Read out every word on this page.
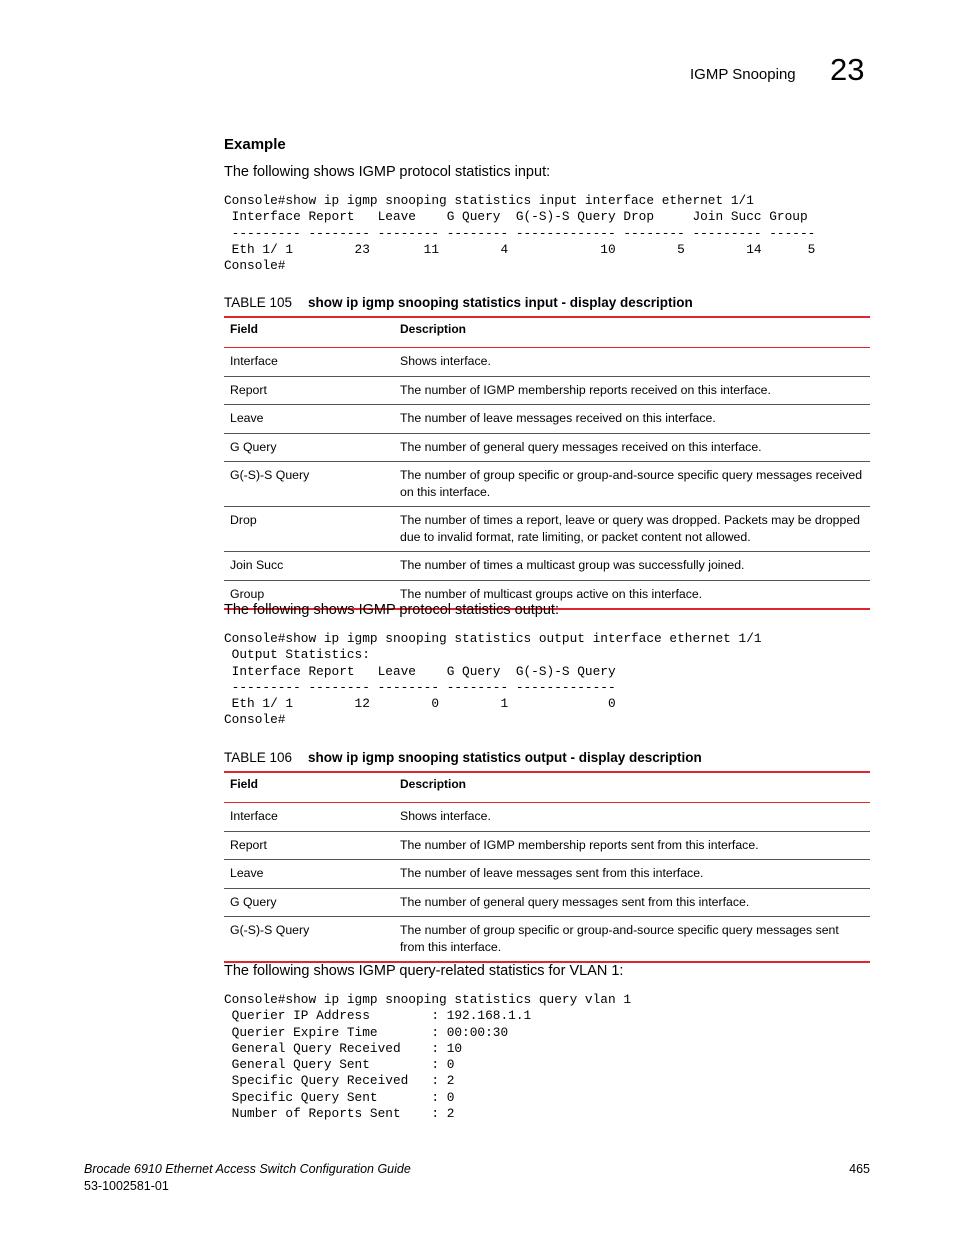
IGMP Snooping 23
Example
The following shows IGMP protocol statistics input:
Console#show ip igmp snooping statistics input interface ethernet 1/1
Interface Report   Leave    G Query  G(-S)-S Query Drop     Join Succ Group
--------- -------- -------- -------- ------------- -------- --------- ------
Eth 1/ 1        23       11        4            10        5        14      5
Console#
TABLE 105 show ip igmp snooping statistics input - display description
Field	Description
Interface	Shows interface.
Report	The number of IGMP membership reports received on this interface.
Leave	The number of leave messages received on this interface.
G Query	The number of general query messages received on this interface.
G(-S)-S Query	The number of group specific or group-and-source specific query messages received on this interface.
Drop	The number of times a report, leave or query was dropped. Packets may be dropped due to invalid format, rate limiting, or packet content not allowed.
Join Succ	The number of times a multicast group was successfully joined.
Group	The number of multicast groups active on this interface.
The following shows IGMP protocol statistics output:
Console#show ip igmp snooping statistics output interface ethernet 1/1
Output Statistics:
Interface Report   Leave    G Query  G(-S)-S Query
--------- -------- -------- -------- -------------
Eth 1/ 1        12        0        1             0
Console#
TABLE 106 show ip igmp snooping statistics output - display description
Field	Description
Interface	Shows interface.
Report	The number of IGMP membership reports sent from this interface.
Leave	The number of leave messages sent from this interface.
G Query	The number of general query messages sent from this interface.
G(-S)-S Query	The number of group specific or group-and-source specific query messages sent from this interface.
The following shows IGMP query-related statistics for VLAN 1:
Console#show ip igmp snooping statistics query vlan 1
Querier IP Address        : 192.168.1.1
Querier Expire Time       : 00:00:30
General Query Received    : 10
General Query Sent        : 0
Specific Query Received   : 2
Specific Query Sent       : 0
Number of Reports Sent    : 2
Brocade 6910 Ethernet Access Switch Configuration Guide
53-1002581-01
465
